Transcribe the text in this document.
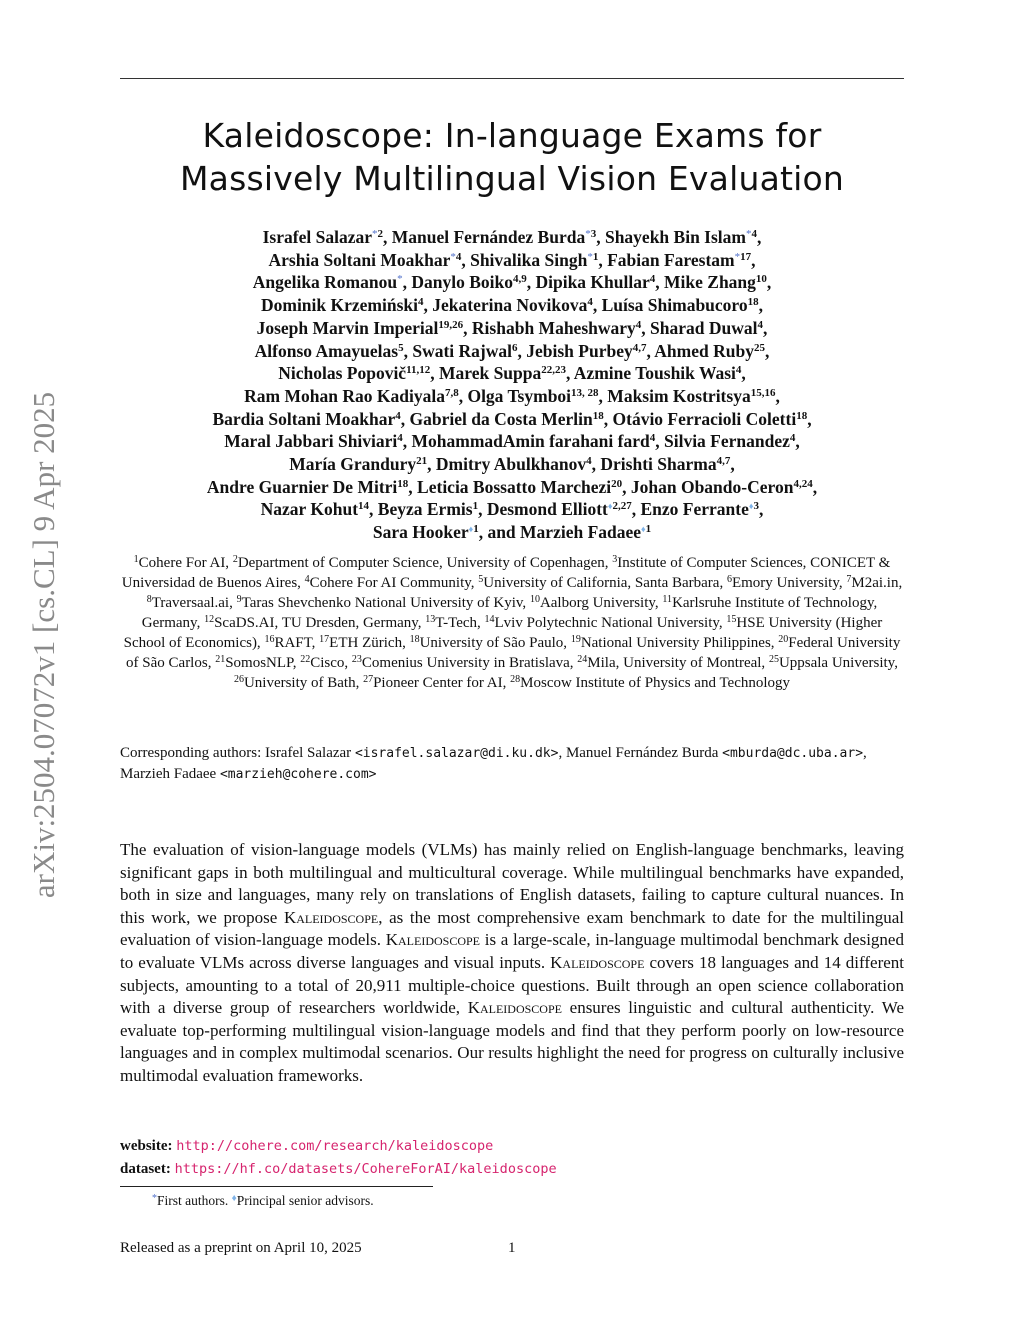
arXiv:2504.07072v1 [cs.CL] 9 Apr 2025
Kaleidoscope: In-language Exams for
Massively Multilingual Vision Evaluation
Israfel Salazar$^{*2}$, Manuel Fernández Burda$^{*3}$, Shayekh Bin Islam$^{*4}$,
Arshia Soltani Moakhar$^{*4}$, Shivalika Singh$^{*1}$, Fabian Farestam$^{*17}$,
Angelika Romanou*, Danylo Boiko$^{4,9}$, Dipika Khullar$^4$, Mike Zhang$^{10}$,
Dominik Krzemiński$^4$, Jekaterina Novikova$^4$, Luísa Shimabucoro$^{18}$,
Joseph Marvin Imperial$^{19,26}$, Rishabh Maheshwary$^4$, Sharad Duwal$^4$,
Alfonso Amayuelas$^5$, Swati Rajwal$^6$, Jebish Purbey$^{4,7}$, Ahmed Ruby$^{25}$,
Nicholas Popovič$^{11,12}$, Marek Suppa$^{22,23}$, Azmine Toushik Wasi$^4$,
Ram Mohan Rao Kadiyala$^{7,8}$, Olga Tsymboi$^{13, 28}$, Maksim Kostritsya$^{15,16}$,
Bardia Soltani Moakhar$^4$, Gabriel da Costa Merlin$^{18}$, Otávio Ferracioli Coletti$^{18}$,
Maral Jabbari Shiviari$^4$, MohammadAmin farahani fard$^4$, Silvia Fernandez$^4$,
María Grandury$^{21}$, Dmitry Abulkhanov$^4$, Drishti Sharma$^{4,7}$,
Andre Guarnier De Mitri$^{18}$, Leticia Bossatto Marchezi$^{20}$, Johan Obando-Ceron$^{4,24}$,
Nazar Kohut$^{14}$, Beyza Ermis$^1$, Desmond Elliott$^{♦2,27}$, Enzo Ferrante$^{♦3}$,
Sara Hooker$^{♦1}$, and Marzieh Fadaee$^{♦1}$
$^1$Cohere For AI, $^2$Department of Computer Science, University of Copenhagen, $^3$Institute of Computer Sciences, CONICET & Universidad de Buenos Aires, $^4$Cohere For AI Community, $^5$University of California, Santa Barbara, $^6$Emory University, $^7$M2ai.in, $^8$Traversaal.ai, $^9$Taras Shevchenko National University of Kyiv, $^{10}$Aalborg University, $^{11}$Karlsruhe Institute of Technology, Germany, $^{12}$ScaDS.AI, TU Dresden, Germany, $^{13}$T-Tech, $^{14}$Lviv Polytechnic National University, $^{15}$HSE University (Higher School of Economics), $^{16}$RAFT, $^{17}$ETH Zürich, $^{18}$University of São Paulo, $^{19}$National University Philippines, $^{20}$Federal University of São Carlos, $^{21}$SomosNLP, $^{22}$Cisco, $^{23}$Comenius University in Bratislava, $^{24}$Mila, University of Montreal, $^{25}$Uppsala University, $^{26}$University of Bath, $^{27}$Pioneer Center for AI, $^{28}$Moscow Institute of Physics and Technology
Corresponding authors: Israfel Salazar <israfel.salazar@di.ku.dk>, Manuel Fernández Burda <mburda@dc.uba.ar>, Marzieh Fadaee <marzieh@cohere.com>

The evaluation of vision-language models (VLMs) has mainly relied on English-language benchmarks, leaving significant gaps in both multilingual and multicultural coverage. While multilingual benchmarks have expanded, both in size and languages, many rely on translations of English datasets, failing to capture cultural nuances. In this work, we propose Kaleidoscope, as the most comprehensive exam benchmark to date for the multilingual evaluation of vision-language models. Kaleidoscope is a large-scale, in-language multimodal benchmark designed to evaluate VLMs across diverse languages and visual inputs. Kaleidoscope covers 18 languages and 14 different subjects, amounting to a total of 20,911 multiple-choice questions. Built through an open science collaboration with a diverse group of researchers worldwide, Kaleidoscope ensures linguistic and cultural authenticity. We evaluate top-performing multilingual vision-language models and find that they perform poorly on low-resource languages and in complex multimodal scenarios. Our results highlight the need for progress on culturally inclusive multimodal evaluation frameworks.

website: http://cohere.com/research/kaleidoscope
dataset: https://hf.co/datasets/CohereForAI/kaleidoscope
*First authors. ♦Principal senior advisors.
Released as a preprint on April 10, 2025	1
